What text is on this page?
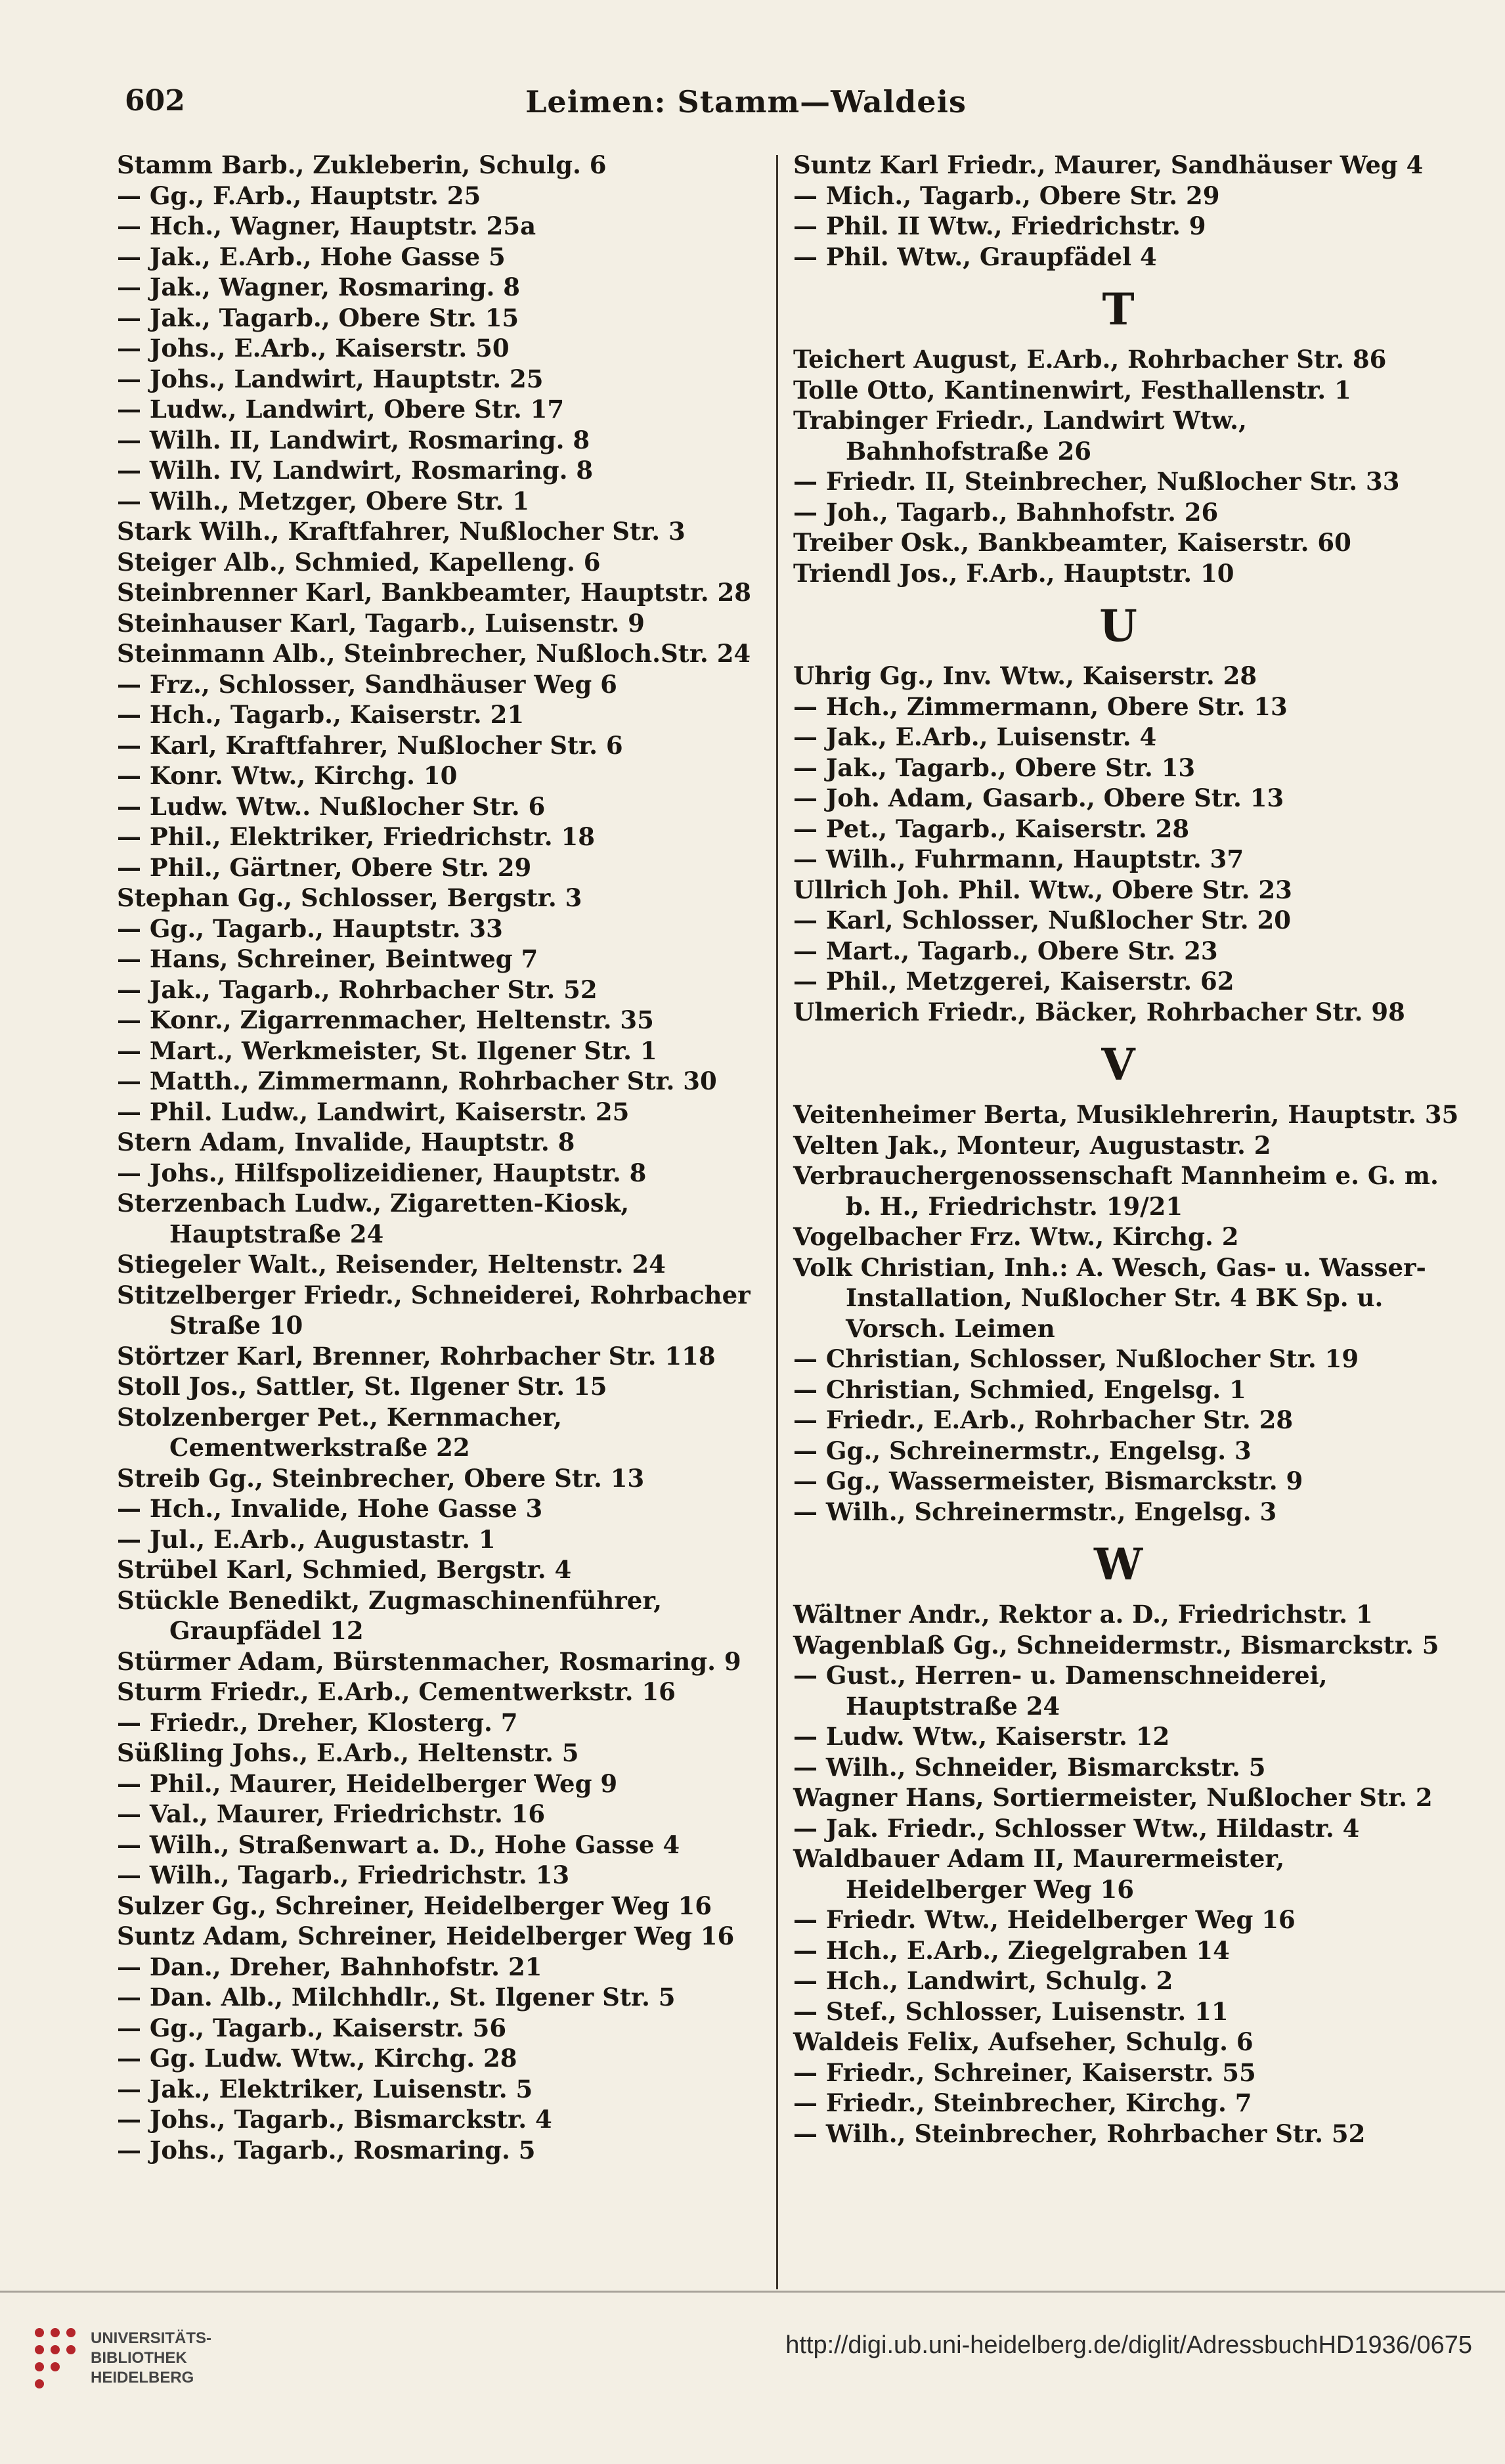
602	Leimen: Stamm—Waldeis
Stamm Barb., Zukleberin, Schulg. 6
— Gg., F.Arb., Hauptstr. 25
— Hch., Wagner, Hauptstr. 25a
— Jak., E.Arb., Hohe Gasse 5
— Jak., Wagner, Rosmaring. 8
— Jak., Tagarb., Obere Str. 15
— Johs., E.Arb., Kaiserstr. 50
— Johs., Landwirt, Hauptstr. 25
— Ludw., Landwirt, Obere Str. 17
— Wilh. II, Landwirt, Rosmaring. 8
— Wilh. IV, Landwirt, Rosmaring. 8
— Wilh., Metzger, Obere Str. 1
Stark Wilh., Kraftfahrer, Nußlocher Str. 3
Steiger Alb., Schmied, Kapelleng. 6
Steinbrenner Karl, Bankbeamter, Hauptstr. 28
Steinhauser Karl, Tagarb., Luisenstr. 9
Steinmann Alb., Steinbrecher, Nußloch.Str. 24
— Frz., Schlosser, Sandhäuser Weg 6
— Hch., Tagarb., Kaiserstr. 21
— Karl, Kraftfahrer, Nußlocher Str. 6
— Konr. Wtw., Kirchg. 10
— Ludw. Wtw.. Nußlocher Str. 6
— Phil., Elektriker, Friedrichstr. 18
— Phil., Gärtner, Obere Str. 29
Stephan Gg., Schlosser, Bergstr. 3
— Gg., Tagarb., Hauptstr. 33
— Hans, Schreiner, Beintweg 7
— Jak., Tagarb., Rohrbacher Str. 52
— Konr., Zigarrenmacher, Heltenstr. 35
— Mart., Werkmeister, St. Ilgener Str. 1
— Matth., Zimmermann, Rohrbacher Str. 30
— Phil. Ludw., Landwirt, Kaiserstr. 25
Stern Adam, Invalide, Hauptstr. 8
— Johs., Hilfspolizeidiener, Hauptstr. 8
Sterzenbach Ludw., Zigaretten-Kiosk, Hauptstraße 24
Stiegeler Walt., Reisender, Heltenstr. 24
Stitzelberger Friedr., Schneiderei, Rohrbacher Straße 10
Störtzer Karl, Brenner, Rohrbacher Str. 118
Stoll Jos., Sattler, St. Ilgener Str. 15
Stolzenberger Pet., Kernmacher, Cementwerkstraße 22
Streib Gg., Steinbrecher, Obere Str. 13
— Hch., Invalide, Hohe Gasse 3
— Jul., E.Arb., Augustastr. 1
Strübel Karl, Schmied, Bergstr. 4
Stückle Benedikt, Zugmaschinenführer, Graupfädel 12
Stürmer Adam, Bürstenmacher, Rosmaring. 9
Sturm Friedr., E.Arb., Cementwerkstr. 16
— Friedr., Dreher, Klosterg. 7
Süßling Johs., E.Arb., Heltenstr. 5
— Phil., Maurer, Heidelberger Weg 9
— Val., Maurer, Friedrichstr. 16
— Wilh., Straßenwart a. D., Hohe Gasse 4
— Wilh., Tagarb., Friedrichstr. 13
Sulzer Gg., Schreiner, Heidelberger Weg 16
Suntz Adam, Schreiner, Heidelberger Weg 16
— Dan., Dreher, Bahnhofstr. 21
— Dan. Alb., Milchhdlr., St. Ilgener Str. 5
— Gg., Tagarb., Kaiserstr. 56
— Gg. Ludw. Wtw., Kirchg. 28
— Jak., Elektriker, Luisenstr. 5
— Johs., Tagarb., Bismarckstr. 4
— Johs., Tagarb., Rosmaring. 5
Suntz Karl Friedr., Maurer, Sandhäuser Weg 4
— Mich., Tagarb., Obere Str. 29
— Phil. II Wtw., Friedrichstr. 9
— Phil. Wtw., Graupfädel 4
T
Teichert August, E.Arb., Rohrbacher Str. 86
Tolle Otto, Kantinenwirt, Festhallenstr. 1
Trabinger Friedr., Landwirt Wtw., Bahnhofstraße 26
— Friedr. II, Steinbrecher, Nußlocher Str. 33
— Joh., Tagarb., Bahnhofstr. 26
Treiber Osk., Bankbeamter, Kaiserstr. 60
Triendl Jos., F.Arb., Hauptstr. 10
U
Uhrig Gg., Inv. Wtw., Kaiserstr. 28
— Hch., Zimmermann, Obere Str. 13
— Jak., E.Arb., Luisenstr. 4
— Jak., Tagarb., Obere Str. 13
— Joh. Adam, Gasarb., Obere Str. 13
— Pet., Tagarb., Kaiserstr. 28
— Wilh., Fuhrmann, Hauptstr. 37
Ullrich Joh. Phil. Wtw., Obere Str. 23
— Karl, Schlosser, Nußlocher Str. 20
— Mart., Tagarb., Obere Str. 23
— Phil., Metzgerei, Kaiserstr. 62
Ulmerich Friedr., Bäcker, Rohrbacher Str. 98
V
Veitenheimer Berta, Musiklehrerin, Hauptstr. 35
Velten Jak., Monteur, Augustastr. 2
Verbrauchergenossenschaft Mannheim e. G. m. b. H., Friedrichstr. 19/21
Vogelbacher Frz. Wtw., Kirchg. 2
Volk Christian, Inh.: A. Wesch, Gas- u. Wasser-Installation, Nußlocher Str. 4 BK Sp. u. Vorsch. Leimen
— Christian, Schlosser, Nußlocher Str. 19
— Christian, Schmied, Engelsg. 1
— Friedr., E.Arb., Rohrbacher Str. 28
— Gg., Schreinermstr., Engelsg. 3
— Gg., Wassermeister, Bismarckstr. 9
— Wilh., Schreinermstr., Engelsg. 3
W
Wältner Andr., Rektor a. D., Friedrichstr. 1
Wagenblaß Gg., Schneidermstr., Bismarckstr. 5
— Gust., Herren- u. Damenschneiderei, Hauptstraße 24
— Ludw. Wtw., Kaiserstr. 12
— Wilh., Schneider, Bismarckstr. 5
Wagner Hans, Sortiermeister, Nußlocher Str. 2
— Jak. Friedr., Schlosser Wtw., Hildastr. 4
Waldbauer Adam II, Maurermeister, Heidelberger Weg 16
— Friedr. Wtw., Heidelberger Weg 16
— Hch., E.Arb., Ziegelgraben 14
— Hch., Landwirt, Schulg. 2
— Stef., Schlosser, Luisenstr. 11
Waldeis Felix, Aufseher, Schulg. 6
— Friedr., Schreiner, Kaiserstr. 55
— Friedr., Steinbrecher, Kirchg. 7
— Wilh., Steinbrecher, Rohrbacher Str. 52
UNIVERSITÄTS-
BIBLIOTHEK
HEIDELBERG
http://digi.ub.uni-heidelberg.de/diglit/AdressbuchHD1936/0675
